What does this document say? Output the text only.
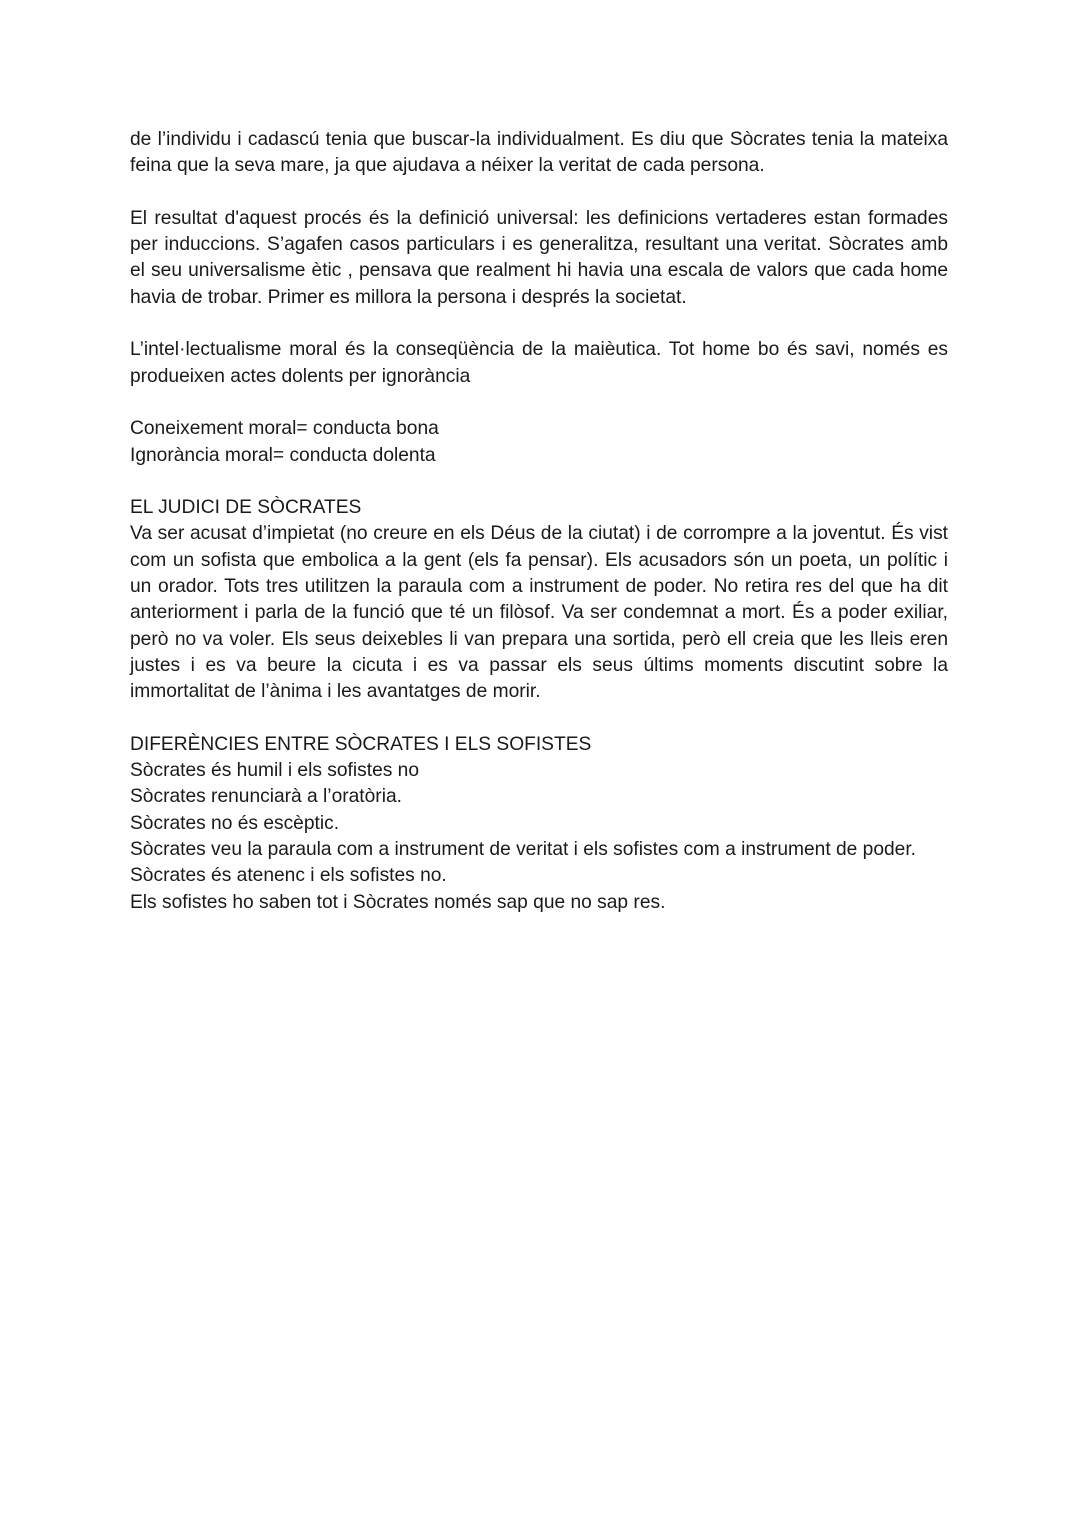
de l’individu i cadascú tenia que buscar-la individualment. Es diu que Sòcrates tenia la mateixa feina que la seva mare, ja que ajudava a néixer la veritat de cada persona.

El resultat d'aquest procés és la definició universal: les definicions vertaderes estan formades per induccions. S’agafen casos particulars i es generalitza, resultant una veritat. Sòcrates amb el seu universalisme ètic , pensava que realment hi havia una escala de valors que cada home havia de trobar. Primer es millora la persona i després la societat.

L’intel·lectualisme moral és la conseqüència de la maièutica. Tot home bo és savi, només es produeixen actes dolents per ignorància

Coneixement moral= conducta bona
Ignorància moral= conducta dolenta
EL JUDICI DE SÒCRATES

Va ser acusat d’impietat (no creure en els Déus de la ciutat) i de corrompre a la joventut. És vist com un sofista que embolica a la gent (els fa pensar). Els acusadors són un poeta, un polític i un orador. Tots tres utilitzen la paraula com a instrument de poder. No retira res del que ha dit anteriorment i parla de la funció que té un filòsof. Va ser condemnat a mort. És a poder exiliar, però no va voler. Els seus deixebles li van prepara una sortida, però ell creia que les lleis eren justes i es va beure la cicuta i es va passar els seus últims moments discutint sobre la immortalitat de l’ànima i les avantatges de morir.

DIFERÈNCIES ENTRE SÒCRATES I ELS SOFISTES
Sòcrates és humil i els sofistes no
Sòcrates renunciarà a l’oratòria.
Sòcrates no és escèptic.
Sòcrates veu la paraula com a instrument de veritat i els sofistes com a instrument de poder.
Sòcrates és atenenc i els sofistes no.
Els sofistes ho saben tot i Sòcrates només sap que no sap res.
